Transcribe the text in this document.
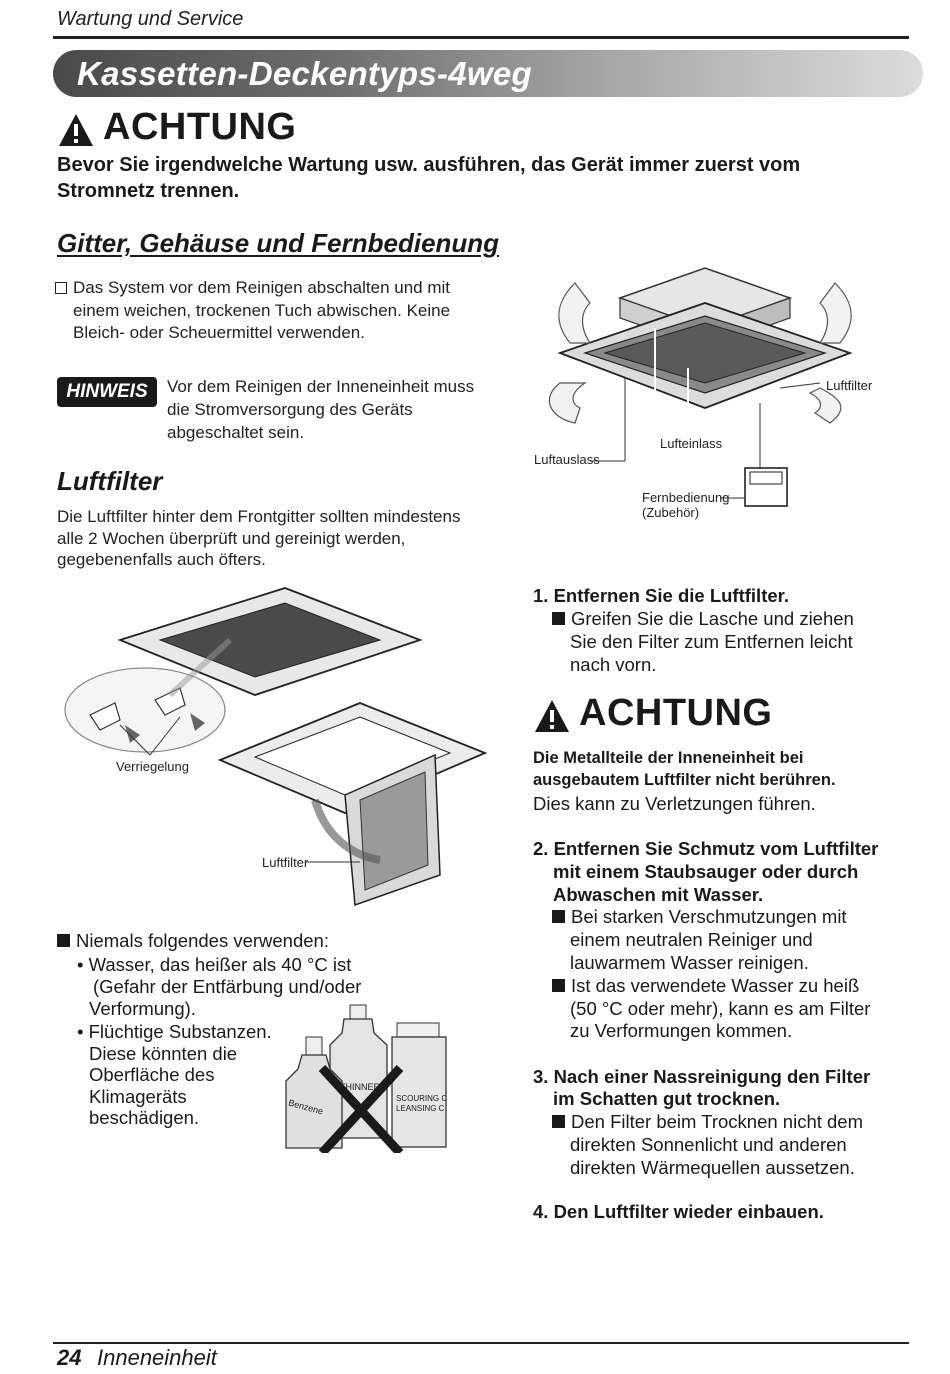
Wartung und Service
Kassetten-Deckentyps-4weg
ACHTUNG
Bevor Sie irgendwelche Wartung usw. ausführen, das Gerät immer zuerst vom
Stromnetz trennen.
Gitter, Gehäuse und Fernbedienung
Das System vor dem Reinigen abschalten und mit
einem weichen, trockenen Tuch abwischen. Keine
Bleich- oder Scheuermittel verwenden.
HINWEIS	Vor dem Reinigen der Inneneinheit muss
die Stromversorgung des Geräts
abgeschaltet sein.
Luftfilter
Die Luftfilter hinter dem Frontgitter sollten mindestens
alle 2 Wochen überprüft und gereinigt werden,
gegebenenfalls auch öfters.
Luftfilter
Luftauslass
Lufteinlass
Fernbedienung
(Zubehör)
Verriegelung
Luftfilter
Niemals folgendes verwenden:
• Wasser, das heißer als 40 °C ist
(Gefahr der Entfärbung und/oder
Verformung).
• Flüchtige Substanzen.
Diese könnten die
Oberfläche des
Klimageräts
beschädigen.	Benzene
THINNER
SCOURING C
LEANSING C
1. Entfernen Sie die Luftfilter.
Greifen Sie die Lasche und ziehen
Sie den Filter zum Entfernen leicht
nach vorn.
ACHTUNG
Die Metallteile der Inneneinheit bei
ausgebautem Luftfilter nicht berühren.
Dies kann zu Verletzungen führen.
2. Entfernen Sie Schmutz vom Luftfilter
mit einem Staubsauger oder durch
Abwaschen mit Wasser.
Bei starken Verschmutzungen mit
einem neutralen Reiniger und
lauwarmem Wasser reinigen.
Ist das verwendete Wasser zu heiß
(50 °C oder mehr), kann es am Filter
zu Verformungen kommen.
3. Nach einer Nassreinigung den Filter
im Schatten gut trocknen.
Den Filter beim Trocknen nicht dem
direkten Sonnenlicht und anderen
direkten Wärmequellen aussetzen.
4. Den Luftfilter wieder einbauen.
24 Inneneinheit
